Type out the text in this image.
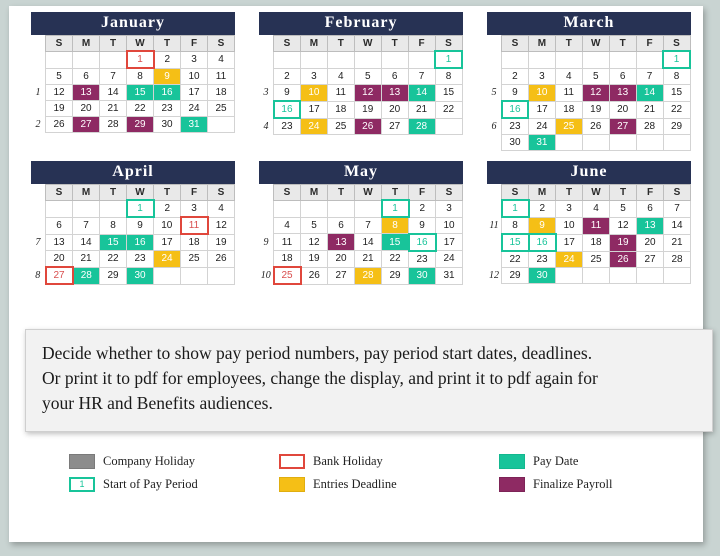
January
	S	M	T	W	T	F	S
				1	2	3	4
	5	6	7	8	9	10	11
1	12	13	14	15	16	17	18
	19	20	21	22	23	24	25
2	26	27	28	29	30	31	
February
	S	M	T	W	T	F	S
							1
	2	3	4	5	6	7	8
3	9	10	11	12	13	14	15
	16	17	18	19	20	21	22
4	23	24	25	26	27	28	
March
	S	M	T	W	T	F	S
							1
	2	3	4	5	6	7	8
5	9	10	11	12	13	14	15
	16	17	18	19	20	21	22
6	23	24	25	26	27	28	29
	30	31					
April
	S	M	T	W	T	F	S
				1	2	3	4
	6	7	8	9	10	11	12
7	13	14	15	16	17	18	19
	20	21	22	23	24	25	26
8	27	28	29	30			
May
	S	M	T	W	T	F	S
					1	2	3
	4	5	6	7	8	9	10
9	11	12	13	14	15	16	17
	18	19	20	21	22	23	24
10	25	26	27	28	29	30	31
June
	S	M	T	W	T	F	S
	1	2	3	4	5	6	7
11	8	9	10	11	12	13	14
	15	16	17	18	19	20	21
	22	23	24	25	26	27	28
12	29	30					

Decide whether to show pay period numbers, pay period start dates, deadlines.

Or print it to pdf for employees, change the display, and print it to pdf again for

your HR and Benefits audiences.

Company Holiday	Bank Holiday	Pay Date
1	Start of Pay Period	Entries Deadline	Finalize Payroll
